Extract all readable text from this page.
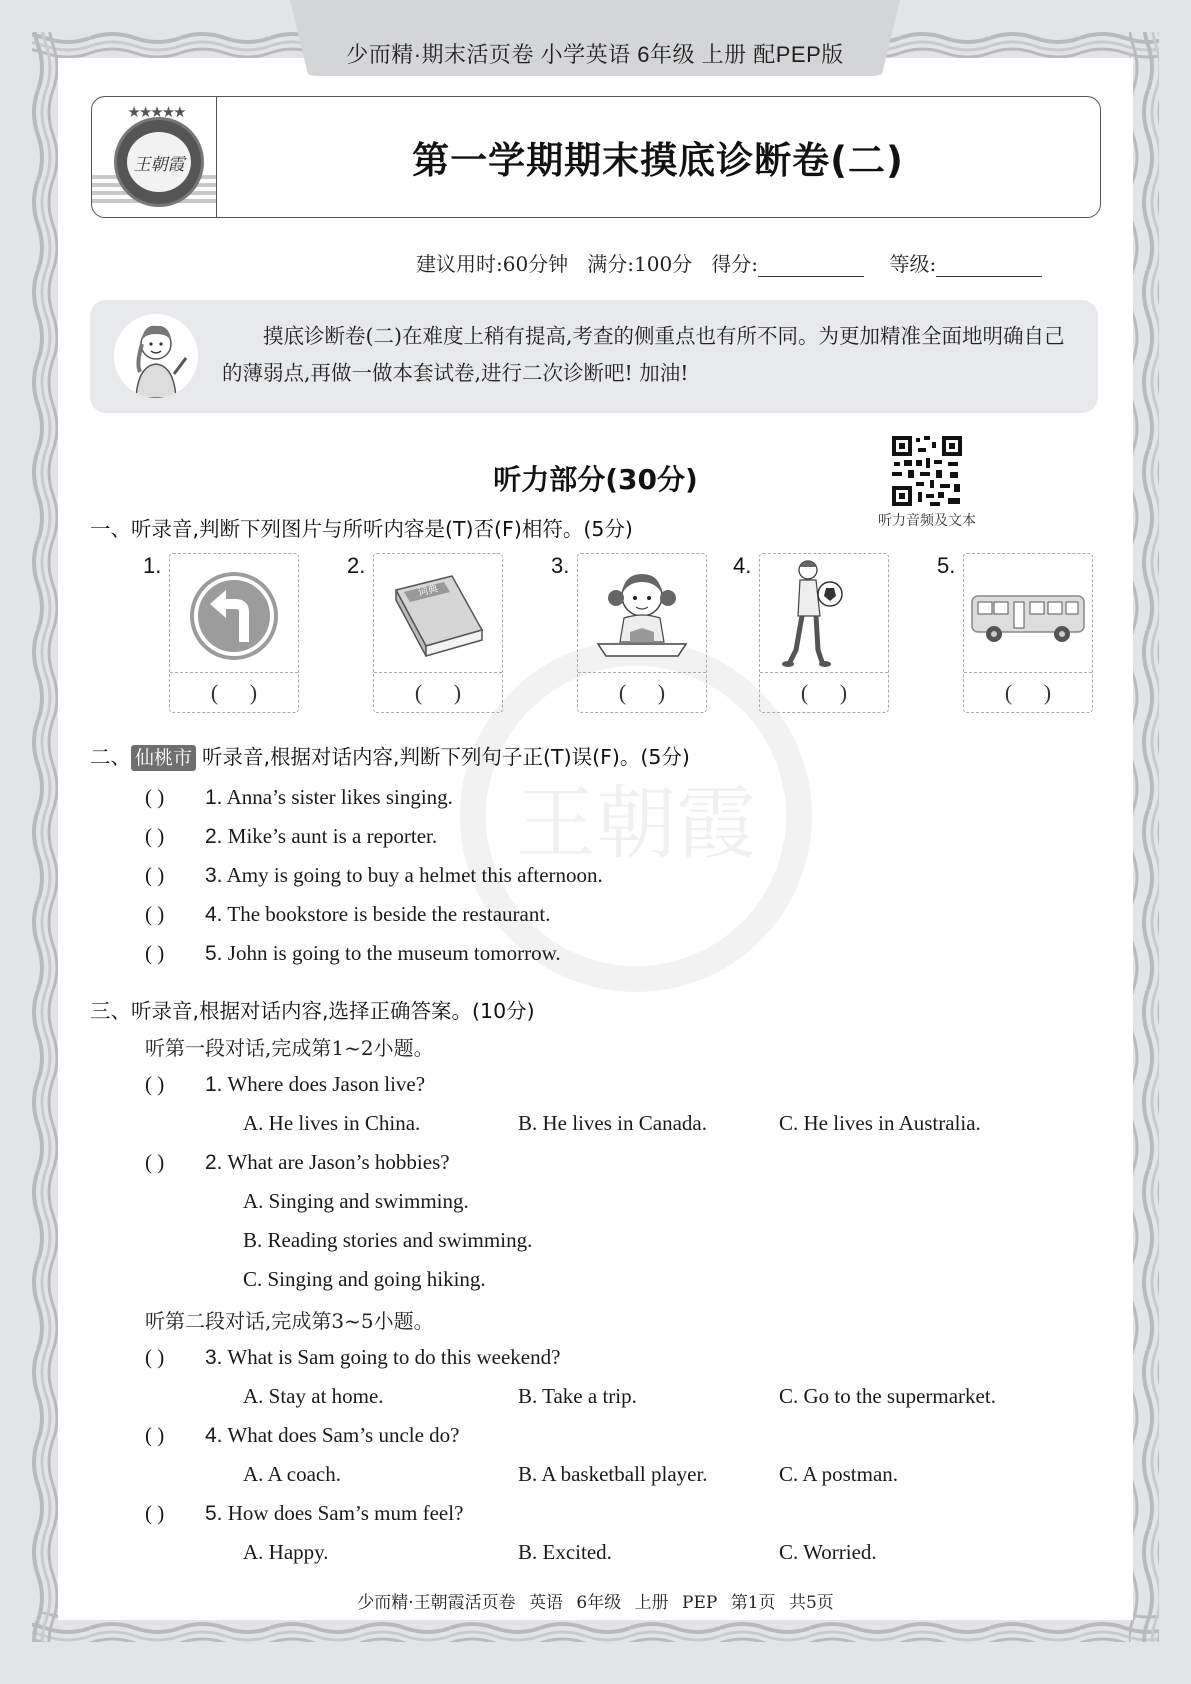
少而精·期末活页卷 小学英语 6年级 上册 配PEP版
王朝霞
★★★★★
第一学期期末摸底诊断卷(二)
建议用时:60分钟
满分:100分
得分:
	等级:
摸底诊断卷(二)在难度上稍有提高,考查的侧重点也有所不同。为更加精准全面地明确自己的薄弱点,再做一做本套试卷,进行二次诊断吧! 加油!
听力部分(30分)
听力音频及文本
一、听录音,判断下列图片与所听内容是(T)否(F)相符。(5分)
1.
( )
2.
词典
( )
3.
( )
4.
( )
5.
( )
二、 仙桃市 听录音,根据对话内容,判断下列句子正(T)误(F)。(5分)
( ) 1. Anna’s sister likes singing.
( ) 2. Mike’s aunt is a reporter.
( ) 3. Amy is going to buy a helmet this afternoon.
( ) 4. The bookstore is beside the restaurant.
( ) 5. John is going to the museum tomorrow.
三、听录音,根据对话内容,选择正确答案。(10分)
听第一段对话,完成第1~2小题。
( ) 1. Where does Jason live?
A. He lives in China.	B. He lives in Canada.	C. He lives in Australia.
( ) 2. What are Jason’s hobbies?
A. Singing and swimming.
B. Reading stories and swimming.
C. Singing and going hiking.
听第二段对话,完成第3~5小题。
( ) 3. What is Sam going to do this weekend?
A. Stay at home.	B. Take a trip.	C. Go to the supermarket.
( ) 4. What does Sam’s uncle do?
A. A coach.	B. A basketball player.	C. A postman.
( ) 5. How does Sam’s mum feel?
A. Happy.	B. Excited.	C. Worried.
少而精·王朝霞活页卷 英语 6年级 上册 PEP 第1页 共5页
